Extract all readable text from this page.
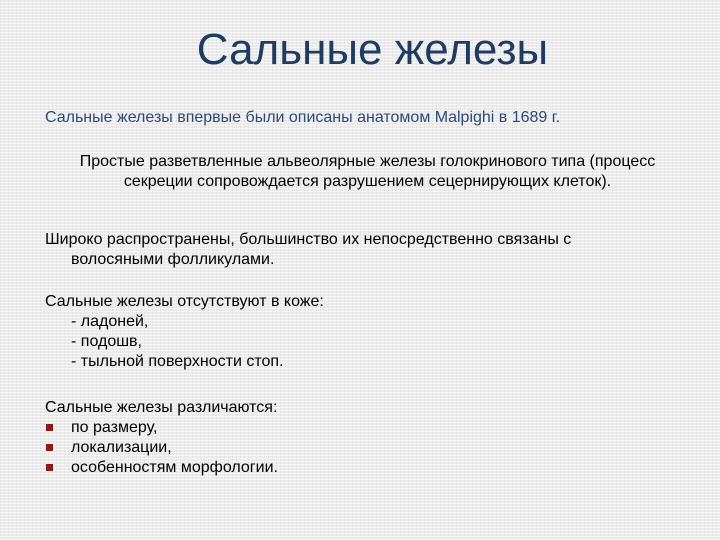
Сальные железы
Сальные железы впервые были описаны анатомом Malpighi в 1689 г.
Простые разветвленные альвеолярные железы голокринового типа (процесс секреции сопровождается разрушением сецернирующих клеток).
Широко распространены, большинство их непосредственно связаны с
волосяными фолликулами.
Сальные железы отсутствуют в коже:
- ладоней,
- подошв,
- тыльной поверхности стоп.
Сальные железы различаются:
по размеру,
локализации,
особенностям морфологии.
